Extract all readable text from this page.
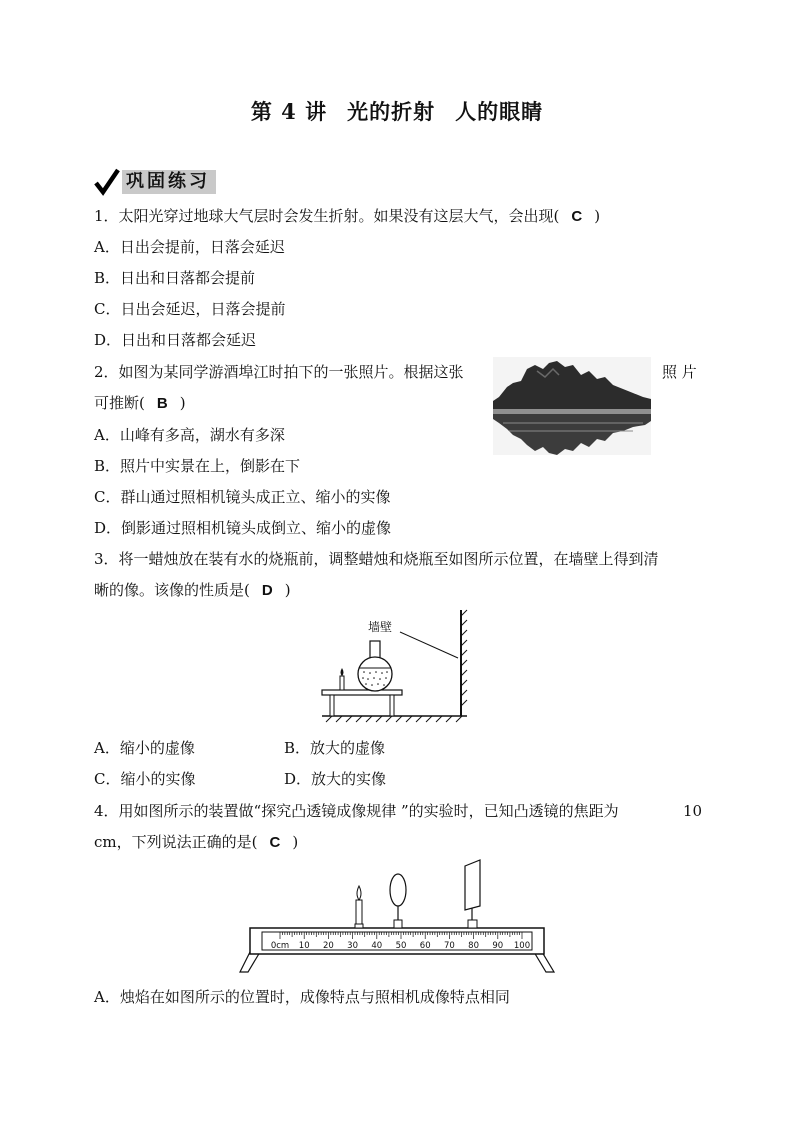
第 4 讲 光的折射 人的眼睛
巩固练习
1．太阳光穿过地球大气层时会发生折射。如果没有这层大气，会出现( C )
A．日出会提前，日落会延迟
B．日出和日落都会提前
C．日出会延迟，日落会提前
D．日出和日落都会延迟
2．如图为某同学游酒埠江时拍下的一张照片。根据这张	照 片
可推断( B )
A．山峰有多高，湖水有多深
B．照片中实景在上，倒影在下
C．群山通过照相机镜头成正立、缩小的实像
D．倒影通过照相机镜头成倒立、缩小的虚像
3．将一蜡烛放在装有水的烧瓶前，调整蜡烛和烧瓶至如图所示位置，在墙壁上得到清
晰的像。该像的性质是( D )
墙壁
A．缩小的虚像	B．放大的虚像
C．缩小的实像	D．放大的实像
4．用如图所示的装置做“探究凸透镜成像规律 ”的实验时，已知凸透镜的焦距为	10
cm，下列说法正确的是( C )
0cm 10 20 30 40 50 60 70 80 90 100
A．烛焰在如图所示的位置时，成像特点与照相机成像特点相同
